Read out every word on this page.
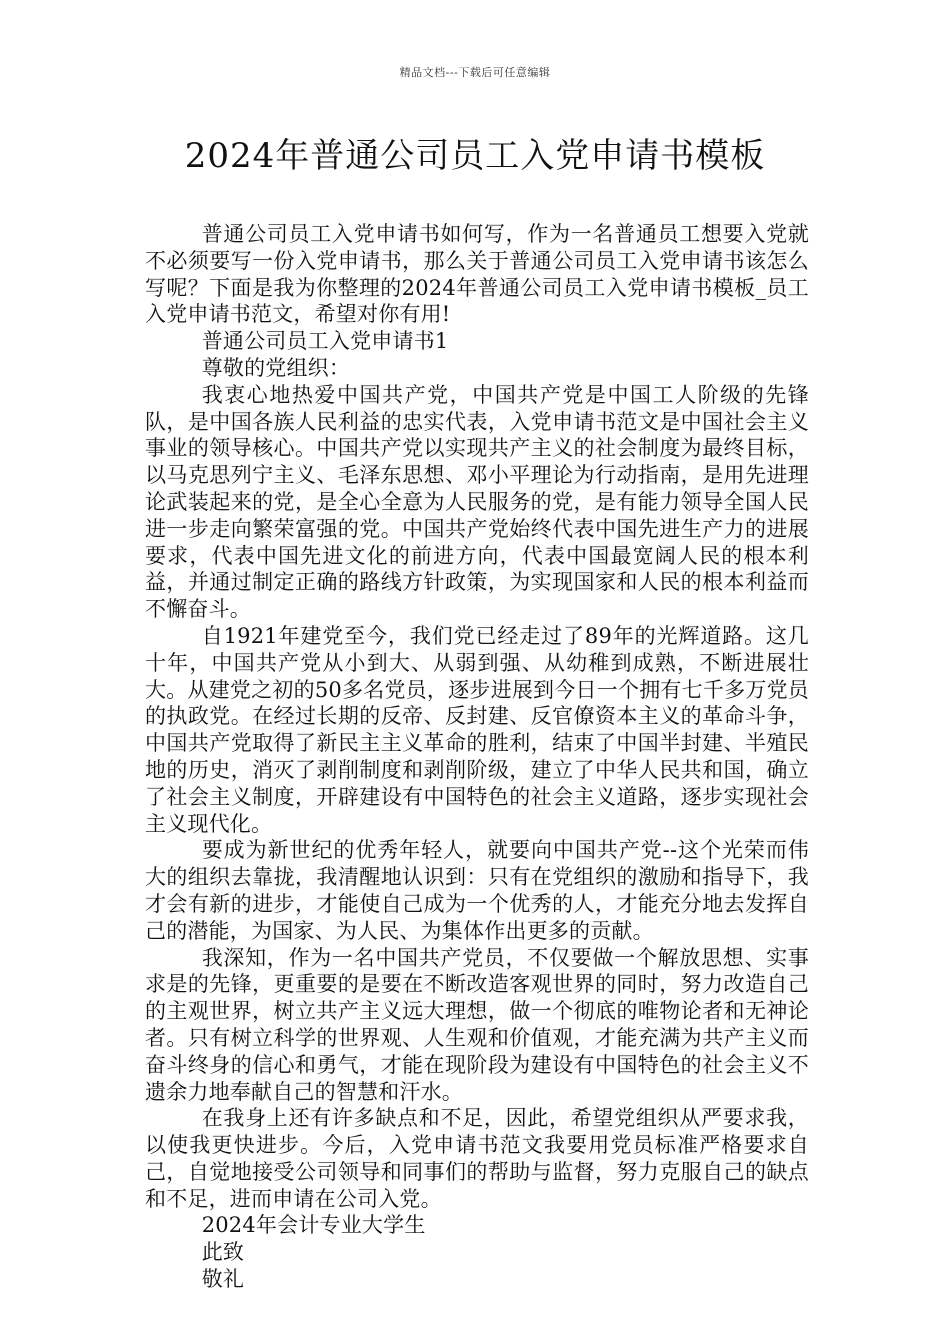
精品文档---下载后可任意编辑
2024年普通公司员工入党申请书模板

普通公司员工入党申请书如何写，作为一名普通员工想要入党就不必须要写一份入党申请书，那么关于普通公司员工入党申请书该怎么写呢？下面是我为你整理的2024年普通公司员工入党申请书模板_员工入党申请书范文，希望对你有用!

普通公司员工入党申请书1

尊敬的党组织：

我衷心地热爱中国共产党，中国共产党是中国工人阶级的先锋队，是中国各族人民利益的忠实代表，入党申请书范文是中国社会主义事业的领导核心。中国共产党以实现共产主义的社会制度为最终目标，以马克思列宁主义、毛泽东思想、邓小平理论为行动指南，是用先进理论武装起来的党，是全心全意为人民服务的党，是有能力领导全国人民进一步走向繁荣富强的党。中国共产党始终代表中国先进生产力的进展要求，代表中国先进文化的前进方向，代表中国最宽阔人民的根本利益，并通过制定正确的路线方针政策，为实现国家和人民的根本利益而不懈奋斗。

自1921年建党至今，我们党已经走过了89年的光辉道路。这几十年，中国共产党从小到大、从弱到强、从幼稚到成熟，不断进展壮大。从建党之初的50多名党员，逐步进展到今日一个拥有七千多万党员的执政党。在经过长期的反帝、反封建、反官僚资本主义的革命斗争，中国共产党取得了新民主主义革命的胜利，结束了中国半封建、半殖民地的历史，消灭了剥削制度和剥削阶级，建立了中华人民共和国，确立了社会主义制度，开辟建设有中国特色的社会主义道路，逐步实现社会主义现代化。

要成为新世纪的优秀年轻人，就要向中国共产党--这个光荣而伟大的组织去靠拢，我清醒地认识到：只有在党组织的激励和指导下，我才会有新的进步，才能使自己成为一个优秀的人，才能充分地去发挥自己的潜能，为国家、为人民、为集体作出更多的贡献。

我深知，作为一名中国共产党员，不仅要做一个解放思想、实事求是的先锋，更重要的是要在不断改造客观世界的同时，努力改造自己的主观世界，树立共产主义远大理想，做一个彻底的唯物论者和无神论者。只有树立科学的世界观、人生观和价值观，才能充满为共产主义而奋斗终身的信心和勇气，才能在现阶段为建设有中国特色的社会主义不遗余力地奉献自己的智慧和汗水。

在我身上还有许多缺点和不足，因此，希望党组织从严要求我，以使我更快进步。今后，入党申请书范文我要用党员标准严格要求自己，自觉地接受公司领导和同事们的帮助与监督，努力克服自己的缺点和不足，进而申请在公司入党。

2024年会计专业大学生

此致

敬礼
